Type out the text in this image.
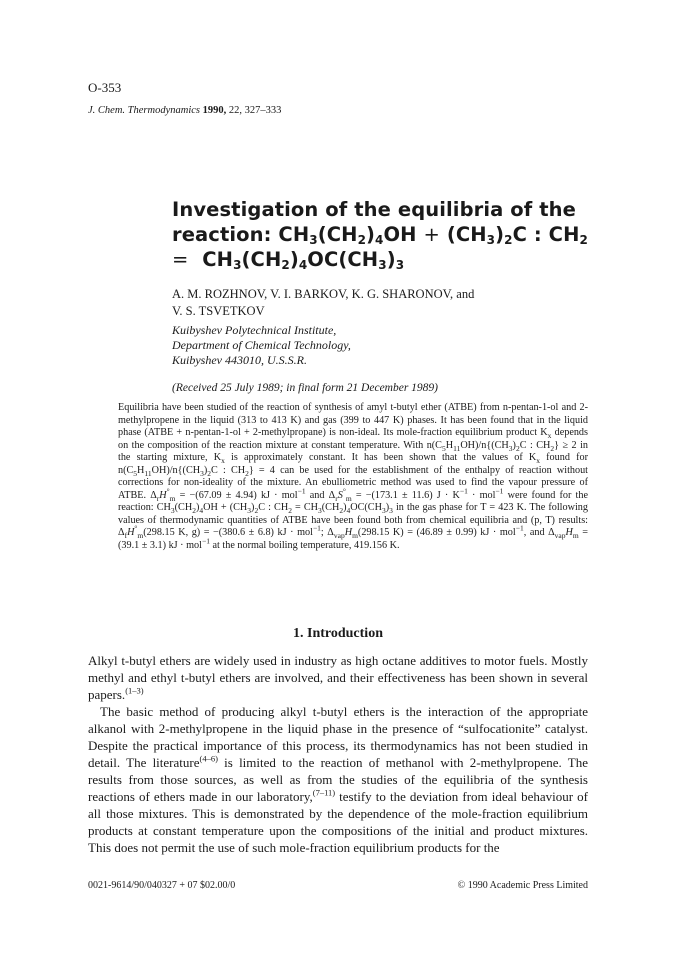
O-353
J. Chem. Thermodynamics 1990, 22, 327–333
Investigation of the equilibria of the
reaction: $CH_3(CH_2)_4OH + (CH_3)_2C$ : $CH_2$
= $CH_3(CH_2)_4OC(CH_3)_3$
A. M. ROZHNOV, V. I. BARKOV, K. G. SHARONOV, and
V. S. TSVETKOV
Kuibyshev Polytechnical Institute,
Department of Chemical Technology,
Kuibyshev 443010, U.S.S.R.
(Received 25 July 1989; in final form 21 December 1989)

Equilibria have been studied of the reaction of synthesis of amyl t-butyl ether (ATBE) from n-pentan-1-ol and 2-methylpropene in the liquid (313 to 413 K) and gas (399 to 447 K) phases. It has been found that in the liquid phase (ATBE + n-pentan-1-ol + 2-methylpropane) is non-ideal. Its mole-fraction equilibrium product $K_x$ depends on the composition of the reaction mixture at constant temperature. With $n(C_5H_{11}OH)/n\{(CH_3)_2C$ : $CH_2\} \ge 2$ in the starting mixture, $K_x$ is approximately constant. It has been shown that the values of $K_x$ found for $n(C_5H_{11}OH)/n\{(CH_3)_2C$ : $CH_2\} = 4$ can be used for the establishment of the enthalpy of reaction without corrections for non-ideality of the mixture. An ebulliometric method was used to find the vapour pressure of ATBE. $\Delta_rH^\circ_m = -(67.09 \pm 4.94)$ kJ · mol$^{-1}$ and $\Delta_rS^\circ_m = -(173.1 \pm 11.6) J \cdot K^{-1} \cdot mol^{-1}$ were found for the reaction: $CH_3(CH_2)_4OH + (CH_3)_2C$ : $CH_2 = CH_3(CH_2)_4OC(CH_3)_3$ in the gas phase for T = 423 K. The following values of thermodynamic quantities of ATBE have been found both from chemical equilibria and (p, T) results: $\Delta_fH^\circ_m(298.15$ K, g) = −(380.6 ± 6.8) kJ · mol$^{-1}$; $\Delta_{vap}H_m(298.15$ K) = (46.89 ± 0.99) kJ · mol$^{-1}$, and $\Delta_{vap}H_m = (39.1 \pm 3.1)$ kJ · mol$^{-1}$ at the normal boiling temperature, 419.156 K.

1. Introduction

Alkyl t-butyl ethers are widely used in industry as high octane additives to motor fuels. Mostly methyl and ethyl t-butyl ethers are involved, and their effectiveness has been shown in several papers.$^{(1-3)}$

The basic method of producing alkyl t-butyl ethers is the interaction of the appropriate alkanol with 2-methylpropene in the liquid phase in the presence of “sulfocationite” catalyst. Despite the practical importance of this process, its thermodynamics has not been studied in detail. The literature$^{(4-6)}$ is limited to the reaction of methanol with 2-methylpropene. The results from those sources, as well as from the studies of the equilibria of the synthesis reactions of ethers made in our laboratory,$^{(7-11)}$ testify to the deviation from ideal behaviour of all those mixtures. This is demonstrated by the dependence of the mole-fraction equilibrium products at constant temperature upon the compositions of the initial and product mixtures. This does not permit the use of such mole-fraction equilibrium products for the

0021-9614/90/040327 + 07 $02.00/0	© 1990 Academic Press Limited
